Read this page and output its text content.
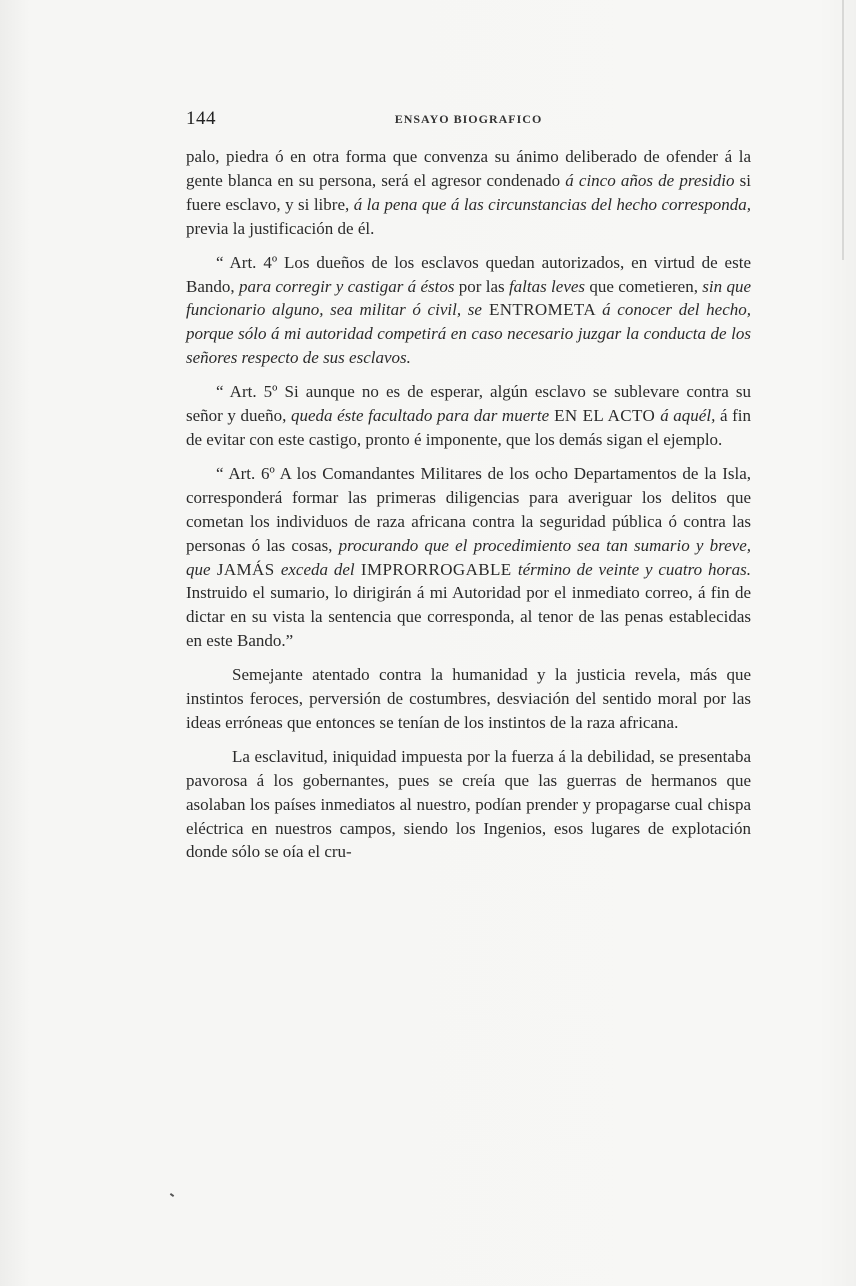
144	ENSAYO BIOGRAFICO

palo, piedra ó en otra forma que convenza su ánimo deliberado de ofender á la gente blanca en su persona, será el agresor condenado á cinco años de presidio si fuere esclavo, y si libre, á la pena que á las circunstancias del hecho corresponda, previa la justificación de él.

“ Art. 4º Los dueños de los esclavos quedan autorizados, en virtud de este Bando, para corregir y castigar á éstos por las faltas leves que cometieren, sin que funcionario alguno, sea militar ó civil, se ENTROMETA á conocer del hecho, porque sólo á mi autoridad competirá en caso necesario juzgar la conducta de los señores respecto de sus esclavos.

“ Art. 5º Si aunque no es de esperar, algún esclavo se sublevare contra su señor y dueño, queda éste facultado para dar muerte EN EL ACTO á aquél, á fin de evitar con este castigo, pronto é imponente, que los demás sigan el ejemplo.

“ Art. 6º A los Comandantes Militares de los ocho Departamentos de la Isla, corresponderá formar las primeras diligencias para averiguar los delitos que cometan los individuos de raza africana contra la seguridad pública ó contra las personas ó las cosas, procurando que el procedimiento sea tan sumario y breve, que JAMÁS exceda del IMPRORROGABLE término de veinte y cuatro horas. Instruido el sumario, lo dirigirán á mi Autoridad por el inmediato correo, á fin de dictar en su vista la sentencia que corresponda, al tenor de las penas establecidas en este Bando.”

Semejante atentado contra la humanidad y la justicia revela, más que instintos feroces, perversión de costumbres, desviación del sentido moral por las ideas erróneas que entonces se tenían de los instintos de la raza africana.

La esclavitud, iniquidad impuesta por la fuerza á la debilidad, se presentaba pavorosa á los gobernantes, pues se creía que las guerras de hermanos que asolaban los países inmediatos al nuestro, podían prender y propagarse cual chispa eléctrica en nuestros campos, siendo los Ingenios, esos lugares de explotación donde sólo se oía el cru-
